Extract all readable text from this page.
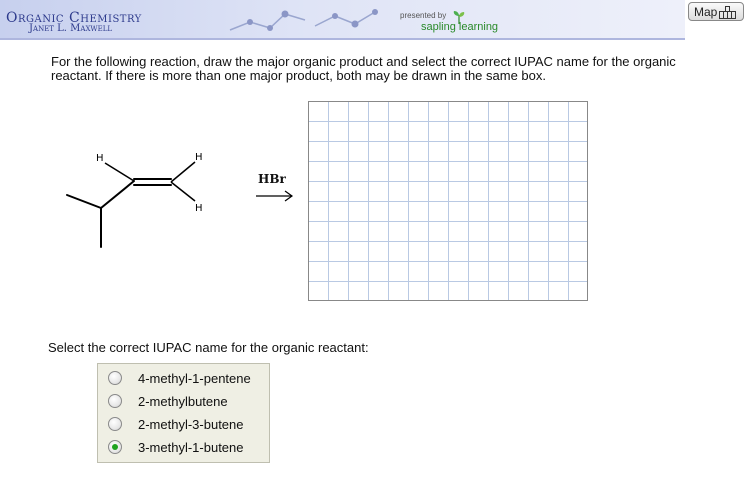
Organic Chemistry
Janet L. Maxwell
presented by
sapling learning
Map
For the following reaction, draw the major organic product and select the correct IUPAC name for the organic reactant. If there is more than one major product, both may be drawn in the same box.
H	H
H
HBr
Select the correct IUPAC name for the organic reactant:
4-methyl-1-pentene
2-methylbutene
2-methyl-3-butene
3-methyl-1-butene
